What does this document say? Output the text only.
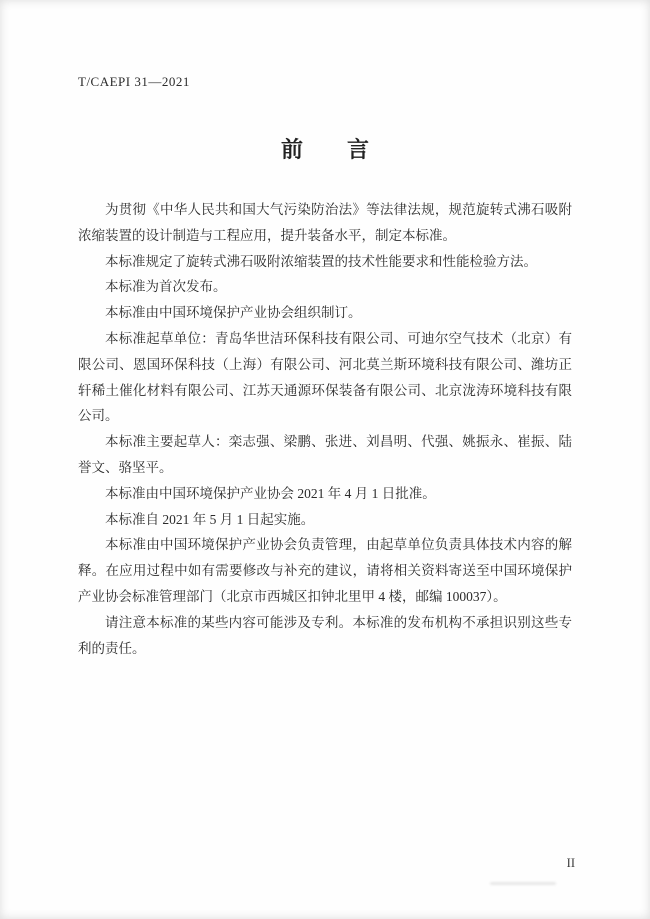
T/CAEPI 31—2021
前　　言

为贯彻《中华人民共和国大气污染防治法》等法律法规，规范旋转式沸石吸附浓缩装置的设计制造与工程应用，提升装备水平，制定本标准。

本标准规定了旋转式沸石吸附浓缩装置的技术性能要求和性能检验方法。

本标准为首次发布。

本标准由中国环境保护产业协会组织制订。

本标准起草单位：青岛华世洁环保科技有限公司、可迪尔空气技术（北京）有限公司、恩国环保科技（上海）有限公司、河北莫兰斯环境科技有限公司、潍坊正轩稀土催化材料有限公司、江苏天通源环保装备有限公司、北京泷涛环境科技有限公司。

本标准主要起草人：栾志强、梁鹏、张进、刘昌明、代强、姚振永、崔振、陆誉文、骆坚平。

本标准由中国环境保护产业协会 2021 年 4 月 1 日批准。

本标准自 2021 年 5 月 1 日起实施。

本标准由中国环境保护产业协会负责管理，由起草单位负责具体技术内容的解释。在应用过程中如有需要修改与补充的建议，请将相关资料寄送至中国环境保护产业协会标准管理部门（北京市西城区扣钟北里甲 4 楼，邮编 100037）。

请注意本标准的某些内容可能涉及专利。本标准的发布机构不承担识别这些专利的责任。

II
